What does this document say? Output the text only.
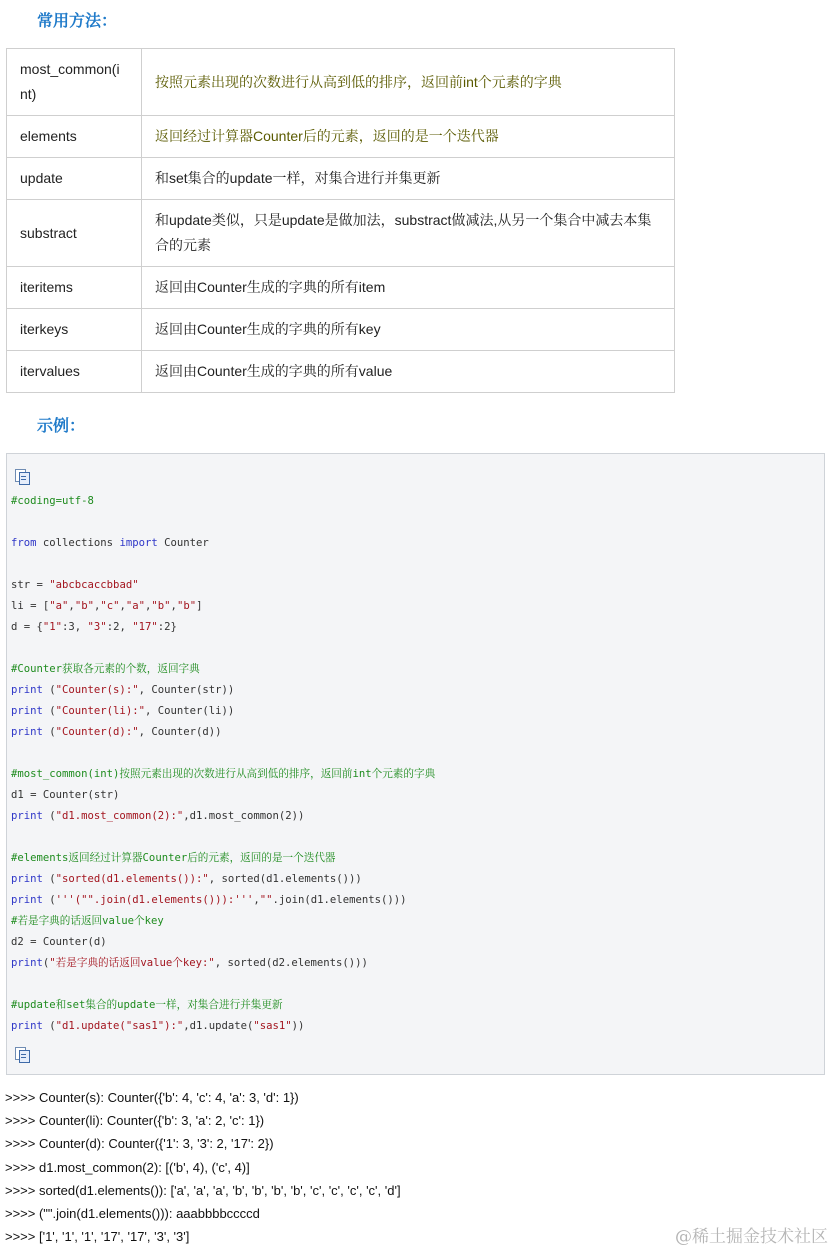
常用方法：
most_common(i
nt)	按照元素出现的次数进行从高到低的排序，返回前int个元素的字典

elements	返回经过计算器Counter后的元素，返回的是一个迭代器

update	和set集合的update一样，对集合进行并集更新

substract	和update类似，只是update是做加法，substract做减法,从另一个集合中减去本集
合的元素

iteritems	返回由Counter生成的字典的所有item

iterkeys	返回由Counter生成的字典的所有key

itervalues	返回由Counter生成的字典的所有value
示例：
#coding=utf-8
from collections import Counter
str = "abcbcaccbbad"
li = ["a","b","c","a","b","b"]
d = {"1":3, "3":2, "17":2}
#Counter获取各元素的个数，返回字典
print ("Counter(s):", Counter(str))
print ("Counter(li):", Counter(li))
print ("Counter(d):", Counter(d))
#most_common(int)按照元素出现的次数进行从高到低的排序，返回前int个元素的字典
d1 = Counter(str)
print ("d1.most_common(2):",d1.most_common(2))
#elements返回经过计算器Counter后的元素，返回的是一个迭代器
print ("sorted(d1.elements()):", sorted(d1.elements()))
print ('''("".join(d1.elements())):''',"".join(d1.elements()))
#若是字典的话返回value个key
d2 = Counter(d)
print("若是字典的话返回value个key:", sorted(d2.elements()))
#update和set集合的update一样，对集合进行并集更新
print ("d1.update("sas1"):",d1.update("sas1"))
>>>> Counter(s): Counter({'b': 4, 'c': 4, 'a': 3, 'd': 1})
>>>> Counter(li): Counter({'b': 3, 'a': 2, 'c': 1})
>>>> Counter(d): Counter({'1': 3, '3': 2, '17': 2})
>>>> d1.most_common(2): [('b', 4), ('c', 4)]
>>>> sorted(d1.elements()): ['a', 'a', 'a', 'b', 'b', 'b', 'b', 'c', 'c', 'c', 'c', 'd']
>>>> ("".join(d1.elements())): aaabbbbccccd
>>>> ['1', '1', '1', '17', '17', '3', '3']	@稀土掘金技术社区
